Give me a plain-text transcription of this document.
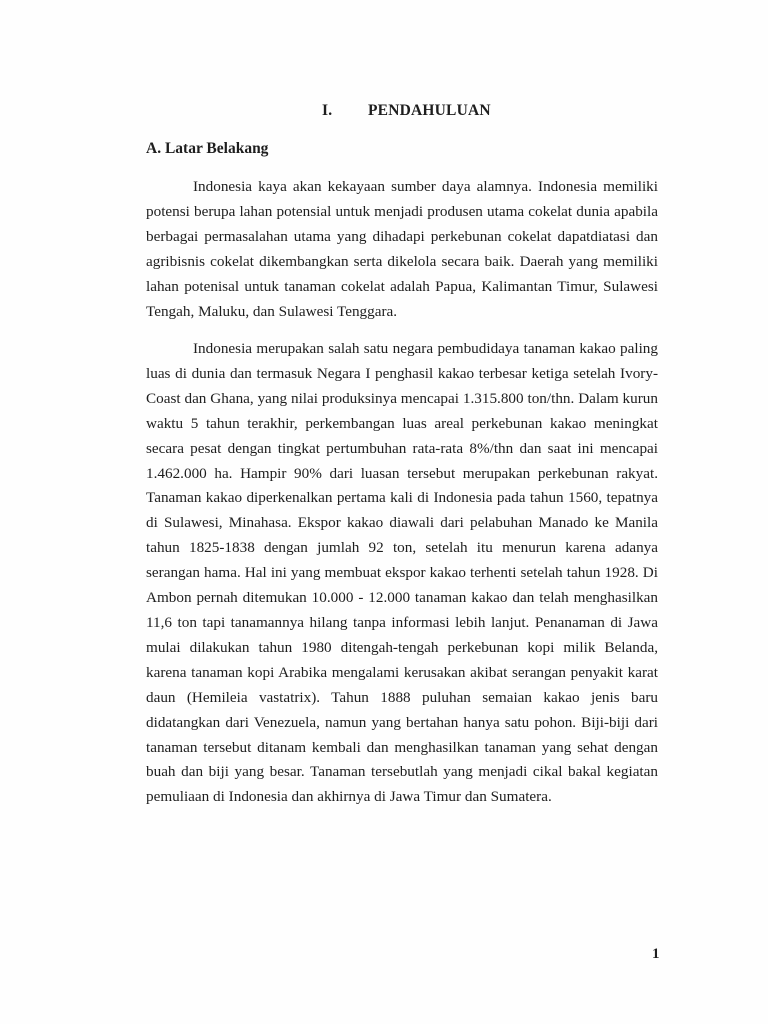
I. PENDAHULUAN
A. Latar Belakang

Indonesia kaya akan kekayaan sumber daya alamnya. Indonesia memiliki potensi berupa lahan potensial untuk menjadi produsen utama cokelat dunia apabila berbagai permasalahan utama yang dihadapi perkebunan cokelat dapatdiatasi dan agribisnis cokelat dikembangkan serta dikelola secara baik. Daerah yang memiliki lahan potenisal untuk tanaman cokelat adalah Papua, Kalimantan Timur, Sulawesi Tengah, Maluku, dan Sulawesi Tenggara.

Indonesia merupakan salah satu negara pembudidaya tanaman kakao paling luas di dunia dan termasuk Negara I penghasil kakao terbesar ketiga setelah Ivory-Coast dan Ghana, yang nilai produksinya mencapai 1.315.800 ton/thn. Dalam kurun waktu 5 tahun terakhir, perkembangan luas areal perkebunan kakao meningkat secara pesat dengan tingkat pertumbuhan rata-rata 8%/thn dan saat ini mencapai 1.462.000 ha. Hampir 90% dari luasan tersebut merupakan perkebunan rakyat. Tanaman kakao diperkenalkan pertama kali di Indonesia pada tahun 1560, tepatnya di Sulawesi, Minahasa. Ekspor kakao diawali dari pelabuhan Manado ke Manila tahun 1825-1838 dengan jumlah 92 ton, setelah itu menurun karena adanya serangan hama. Hal ini yang membuat ekspor kakao terhenti setelah tahun 1928. Di Ambon pernah ditemukan 10.000 - 12.000 tanaman kakao dan telah menghasilkan 11,6 ton tapi tanamannya hilang tanpa informasi lebih lanjut. Penanaman di Jawa mulai dilakukan tahun 1980 ditengah-tengah perkebunan kopi milik Belanda, karena tanaman kopi Arabika mengalami kerusakan akibat serangan penyakit karat daun (Hemileia vastatrix). Tahun 1888 puluhan semaian kakao jenis baru didatangkan dari Venezuela, namun yang bertahan hanya satu pohon. Biji-biji dari tanaman tersebut ditanam kembali dan menghasilkan tanaman yang sehat dengan buah dan biji yang besar. Tanaman tersebutlah yang menjadi cikal bakal kegiatan pemuliaan di Indonesia dan akhirnya di Jawa Timur dan Sumatera.

1
